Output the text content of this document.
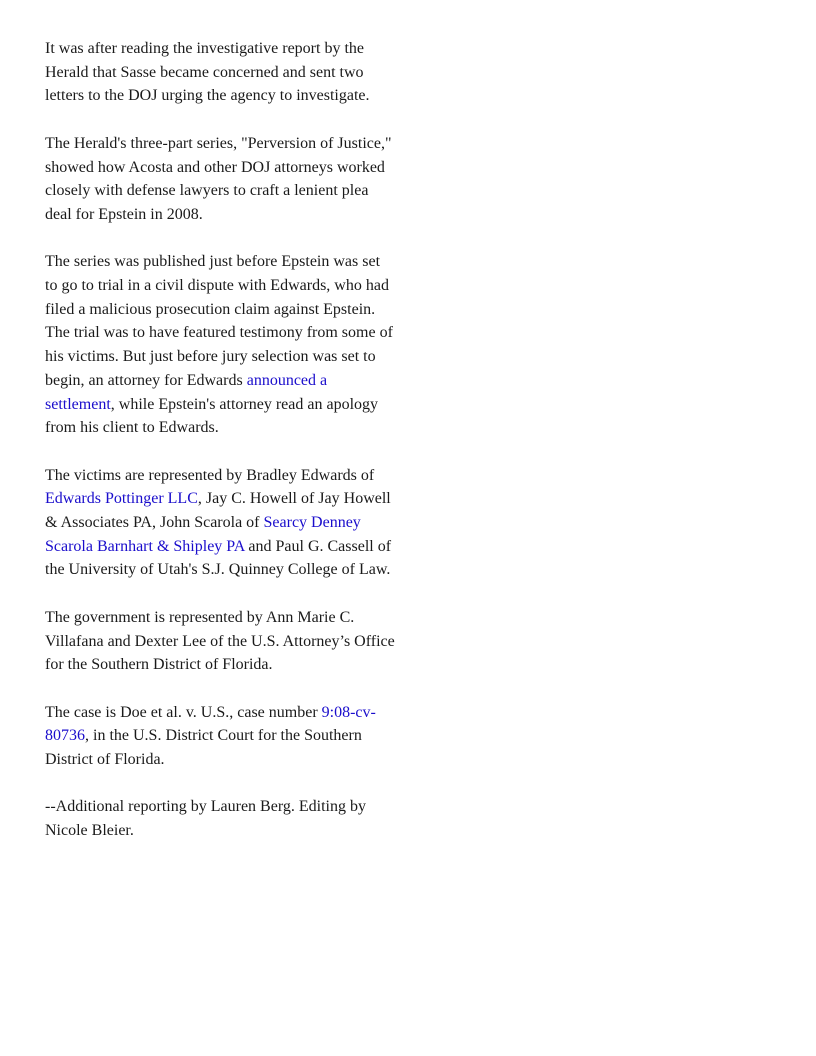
It was after reading the investigative report by the Herald that Sasse became concerned and sent two letters to the DOJ urging the agency to investigate.

The Herald's three-part series, "Perversion of Justice," showed how Acosta and other DOJ attorneys worked closely with defense lawyers to craft a lenient plea deal for Epstein in 2008.

The series was published just before Epstein was set to go to trial in a civil dispute with Edwards, who had filed a malicious prosecution claim against Epstein. The trial was to have featured testimony from some of his victims. But just before jury selection was set to begin, an attorney for Edwards announced a settlement, while Epstein's attorney read an apology from his client to Edwards.

The victims are represented by Bradley Edwards of Edwards Pottinger LLC, Jay C. Howell of Jay Howell & Associates PA, John Scarola of Searcy Denney Scarola Barnhart & Shipley PA and Paul G. Cassell of the University of Utah's S.J. Quinney College of Law.

The government is represented by Ann Marie C. Villafana and Dexter Lee of the U.S. Attorney’s Office for the Southern District of Florida.

The case is Doe et al. v. U.S., case number 9:08-cv-80736, in the U.S. District Court for the Southern District of Florida.

--Additional reporting by Lauren Berg. Editing by Nicole Bleier.
